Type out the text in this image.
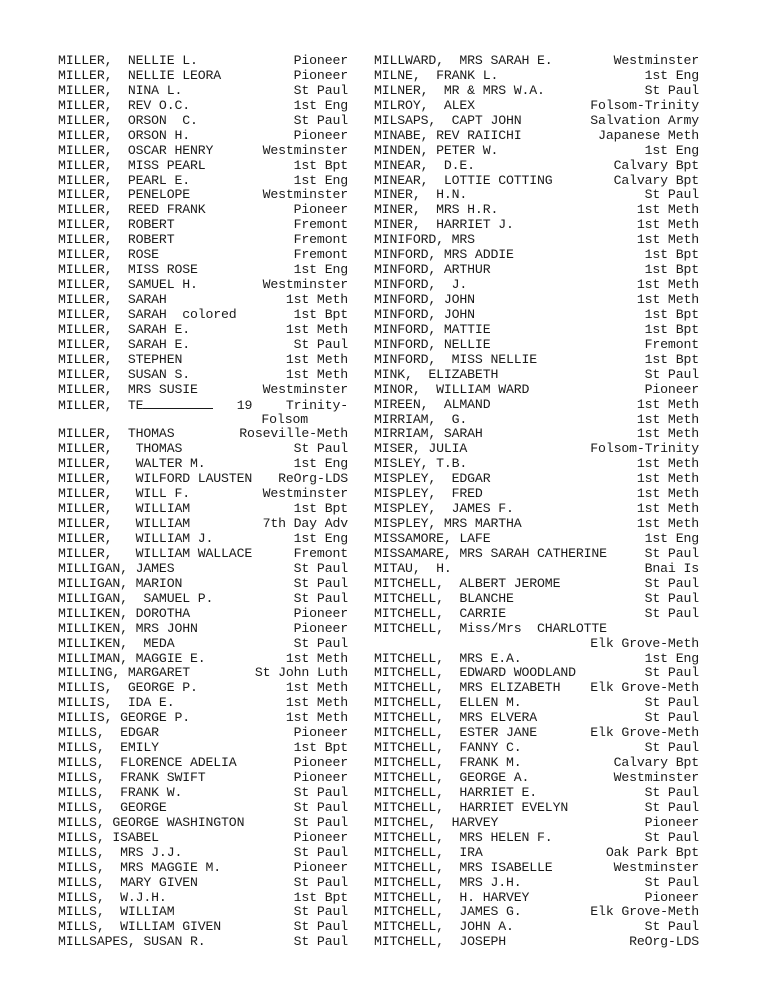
MILLER,  NELLIE L.	Pioneer
MILLER,  NELLIE LEORA	Pioneer
MILLER,  NINA L.	St Paul
MILLER,  REV O.C.	1st Eng
MILLER,  ORSON  C.	St Paul
MILLER,  ORSON H.	Pioneer
MILLER,  OSCAR HENRY	Westminster
MILLER,  MISS PEARL	1st Bpt
MILLER,  PEARL E.	1st Eng
MILLER,  PENELOPE	Westminster
MILLER,  REED FRANK	Pioneer
MILLER,  ROBERT	Fremont
MILLER,  ROBERT	Fremont
MILLER,  ROSE	Fremont
MILLER,  MISS ROSE	1st Eng
MILLER,  SAMUEL H.	Westminster
MILLER,  SARAH	1st Meth
MILLER,  SARAH  colored	1st Bpt
MILLER,  SARAH E.	1st Meth
MILLER,  SARAH E.	St Paul
MILLER,  STEPHEN	1st Meth
MILLER,  SUSAN S.	1st Meth
MILLER,  MRS SUSIE	Westminster
MILLER,  TE	19	Trinity-
Folsom
MILLER,  THOMAS	Roseville-Meth
MILLER,   THOMAS	St Paul
MILLER,   WALTER M.	1st Eng
MILLER,   WILFORD LAUSTEN ReOrg-LDS
MILLER,   WILL F.	Westminster
MILLER,   WILLIAM	1st Bpt
MILLER,   WILLIAM	7th Day Adv
MILLER,   WILLIAM J.	1st Eng
MILLER,   WILLIAM WALLACE	Fremont
MILLIGAN, JAMES	St Paul
MILLIGAN, MARION	St Paul
MILLIGAN,  SAMUEL P.	St Paul
MILLIKEN, DOROTHA	Pioneer
MILLIKEN, MRS JOHN	Pioneer
MILLIKEN,  MEDA	St Paul
MILLIMAN, MAGGIE E.	1st Meth
MILLING, MARGARET	St John Luth
MILLIS,  GEORGE P.	1st Meth
MILLIS,  IDA E.	1st Meth
MILLIS, GEORGE P.	1st Meth
MILLS,  EDGAR	Pioneer
MILLS,  EMILY	1st Bpt
MILLS,  FLORENCE ADELIA	Pioneer
MILLS,  FRANK SWIFT	Pioneer
MILLS,  FRANK W.	St Paul
MILLS,  GEORGE	St Paul
MILLS, GEORGE WASHINGTON	St Paul
MILLS, ISABEL	Pioneer
MILLS,  MRS J.J.	St Paul
MILLS,  MRS MAGGIE M.	Pioneer
MILLS,  MARY GIVEN	St Paul
MILLS,  W.J.H.	1st Bpt
MILLS,  WILLIAM	St Paul
MILLS,  WILLIAM GIVEN	St Paul
MILLSAPES, SUSAN R.	St Paul
MILLWARD,  MRS SARAH E.	Westminster
MILNE,  FRANK L.	1st Eng
MILNER,  MR & MRS W.A.	St Paul
MILROY,  ALEX	Folsom-Trinity
MILSAPS,  CAPT JOHN	Salvation Army
MINABE, REV RAIICHI	Japanese Meth
MINDEN, PETER W.	1st Eng
MINEAR,  D.E.	Calvary Bpt
MINEAR,  LOTTIE COTTING	Calvary Bpt
MINER,  H.N.	St Paul
MINER,  MRS H.R.	1st Meth
MINER,  HARRIET J.	1st Meth
MINIFORD, MRS	1st Meth
MINFORD, MRS ADDIE	1st Bpt
MINFORD, ARTHUR	1st Bpt
MINFORD,  J.	1st Meth
MINFORD, JOHN	1st Meth
MINFORD, JOHN	1st Bpt
MINFORD, MATTIE	1st Bpt
MINFORD, NELLIE	Fremont
MINFORD,  MISS NELLIE	1st Bpt
MINK,  ELIZABETH	St Paul
MINOR,  WILLIAM WARD	Pioneer
MIREEN,  ALMAND	1st Meth
MIRRIAM,  G.	1st Meth
MIRRIAM, SARAH	1st Meth
MISER, JULIA	Folsom-Trinity
MISLEY, T.B.	1st Meth
MISPLEY,  EDGAR	1st Meth
MISPLEY,  FRED	1st Meth
MISPLEY,  JAMES F.	1st Meth
MISPLEY, MRS MARTHA	1st Meth
MISSAMORE, LAFE	1st Eng
MISSAMARE, MRS SARAH CATHERINE	St Paul
MITAU,  H.	Bnai Is
MITCHELL,  ALBERT JEROME	St Paul
MITCHELL,  BLANCHE	St Paul
MITCHELL,  CARRIE	St Paul
MITCHELL,  Miss/Mrs  CHARLOTTE
Elk Grove-Meth
MITCHELL,  MRS E.A.	1st Eng
MITCHELL,  EDWARD WOODLAND	St Paul
MITCHELL,  MRS ELIZABETH Elk Grove-Meth
MITCHELL,  ELLEN M.	St Paul
MITCHELL,  MRS ELVERA	St Paul
MITCHELL,  ESTER JANE	Elk Grove-Meth
MITCHELL,  FANNY C.	St Paul
MITCHELL,  FRANK M.	Calvary Bpt
MITCHELL,  GEORGE A.	Westminster
MITCHELL,  HARRIET E.	St Paul
MITCHELL,  HARRIET EVELYN	St Paul
MITCHEL,  HARVEY	Pioneer
MITCHELL,  MRS HELEN F.	St Paul
MITCHELL,  IRA	Oak Park Bpt
MITCHELL,  MRS ISABELLE	Westminster
MITCHELL,  MRS J.H.	St Paul
MITCHELL,  H. HARVEY	Pioneer
MITCHELL,  JAMES G.	Elk Grove-Meth
MITCHELL,  JOHN A.	St Paul
MITCHELL,  JOSEPH	ReOrg-LDS
